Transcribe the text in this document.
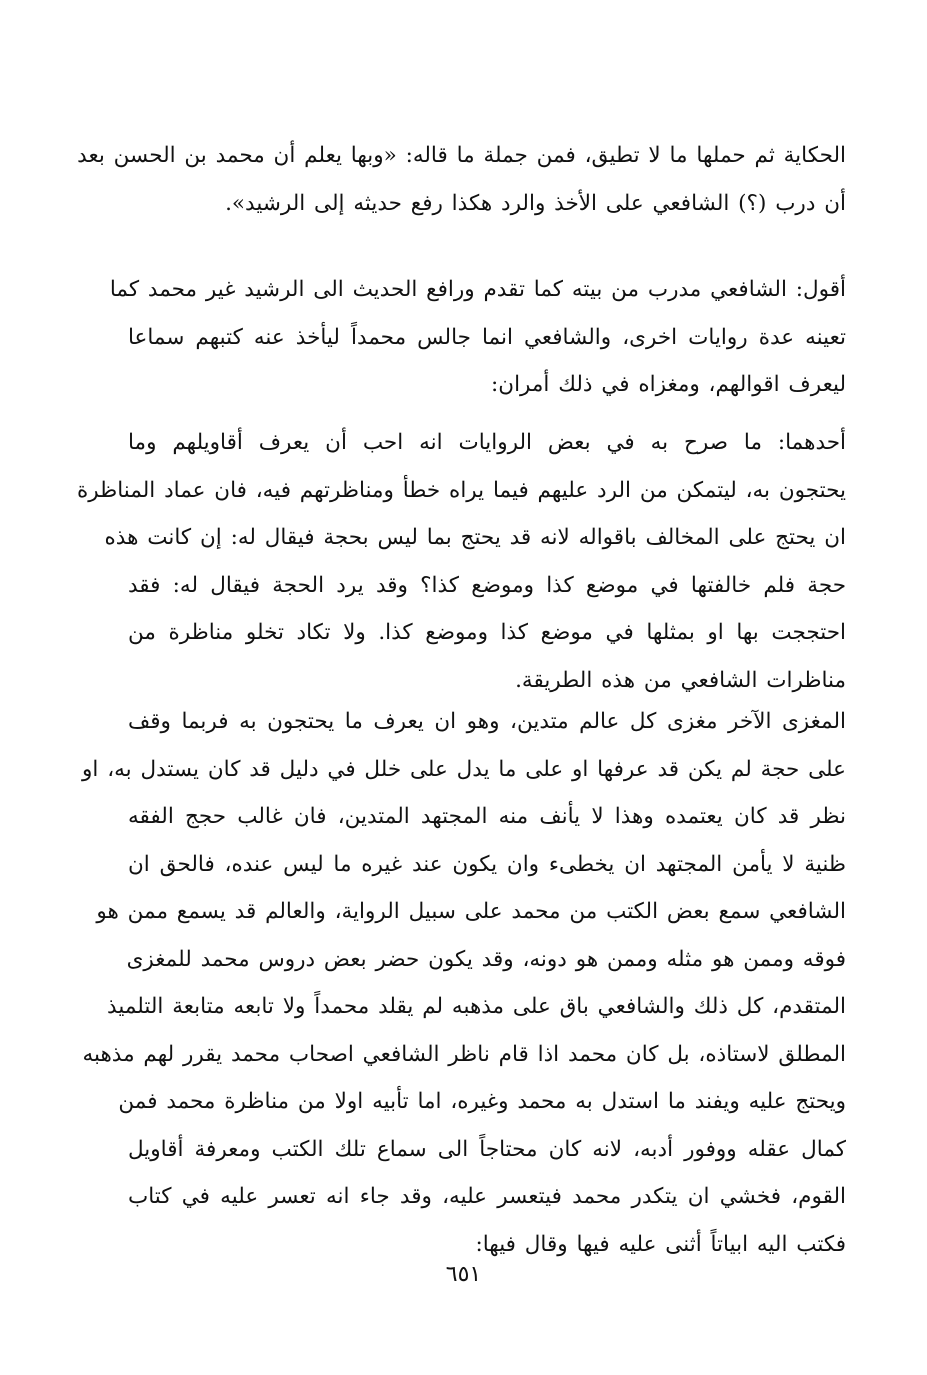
الحكاية ثم حملها ما لا تطيق، فمن جملة ما قاله: «وبها يعلم أن محمد بن الحسن بعد
أن درب (؟) الشافعي على الأخذ والرد هكذا رفع حديثه إلى الرشيد».
أقول: الشافعي مدرب من بيته كما تقدم ورافع الحديث الى الرشيد غير محمد كما
تعينه عدة روايات اخرى، والشافعي انما جالس محمداً ليأخذ عنه كتبهم سماعا
ليعرف اقوالهم، ومغزاه في ذلك أمران:
أحدهما: ما صرح به في بعض الروايات انه احب أن يعرف أقاويلهم وما
يحتجون به، ليتمكن من الرد عليهم فيما يراه خطأ ومناظرتهم فيه، فان عماد المناظرة
ان يحتج على المخالف باقواله لانه قد يحتج بما ليس بحجة فيقال له: إن كانت هذه
حجة فلم خالفتها في موضع كذا وموضع كذا؟ وقد يرد الحجة فيقال له: فقد
احتججت بها او بمثلها في موضع كذا وموضع كذا. ولا تكاد تخلو مناظرة من
مناظرات الشافعي من هذه الطريقة.
المغزى الآخر مغزى كل عالم متدين، وهو ان يعرف ما يحتجون به فربما وقف
على حجة لم يكن قد عرفها او على ما يدل على خلل في دليل قد كان يستدل به، او
نظر قد كان يعتمده وهذا لا يأنف منه المجتهد المتدين، فان غالب حجج الفقه
ظنية لا يأمن المجتهد ان يخطىء وان يكون عند غيره ما ليس عنده، فالحق ان
الشافعي سمع بعض الكتب من محمد على سبيل الرواية، والعالم قد يسمع ممن هو
فوقه وممن هو مثله وممن هو دونه، وقد يكون حضر بعض دروس محمد للمغزى
المتقدم، كل ذلك والشافعي باق على مذهبه لم يقلد محمداً ولا تابعه متابعة التلميذ
المطلق لاستاذه، بل كان محمد اذا قام ناظر الشافعي اصحاب محمد يقرر لهم مذهبه
ويحتج عليه ويفند ما استدل به محمد وغيره، اما تأبيه اولا من مناظرة محمد فمن
كمال عقله ووفور أدبه، لانه كان محتاجاً الى سماع تلك الكتب ومعرفة أقاويل
القوم، فخشي ان يتكدر محمد فيتعسر عليه، وقد جاء انه تعسر عليه في كتاب
فكتب اليه ابياتاً أثنى عليه فيها وقال فيها:
٦٥١
